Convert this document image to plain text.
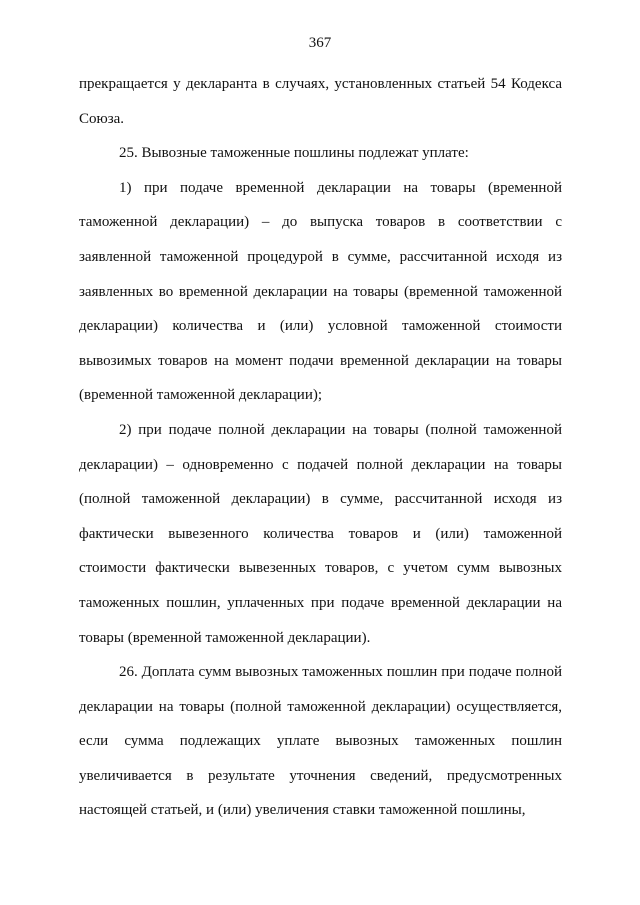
367

прекращается у декларанта в случаях, установленных статьей 54 Кодекса Союза.

25. Вывозные таможенные пошлины подлежат уплате:

1) при подаче временной декларации на товары (временной таможенной декларации) – до выпуска товаров в соответствии с заявленной таможенной процедурой в сумме, рассчитанной исходя из заявленных во временной декларации на товары (временной таможенной декларации) количества и (или) условной таможенной стоимости вывозимых товаров на момент подачи временной декларации на товары (временной таможенной декларации);

2) при подаче полной декларации на товары (полной таможенной декларации) – одновременно с подачей полной декларации на товары (полной таможенной декларации) в сумме, рассчитанной исходя из фактически вывезенного количества товаров и (или) таможенной стоимости фактически вывезенных товаров, с учетом сумм вывозных таможенных пошлин, уплаченных при подаче временной декларации на товары (временной таможенной декларации).

26. Доплата сумм вывозных таможенных пошлин при подаче полной декларации на товары (полной таможенной декларации) осуществляется, если сумма подлежащих уплате вывозных таможенных пошлин увеличивается в результате уточнения сведений, предусмотренных настоящей статьей, и (или) увеличения ставки таможенной пошлины,
